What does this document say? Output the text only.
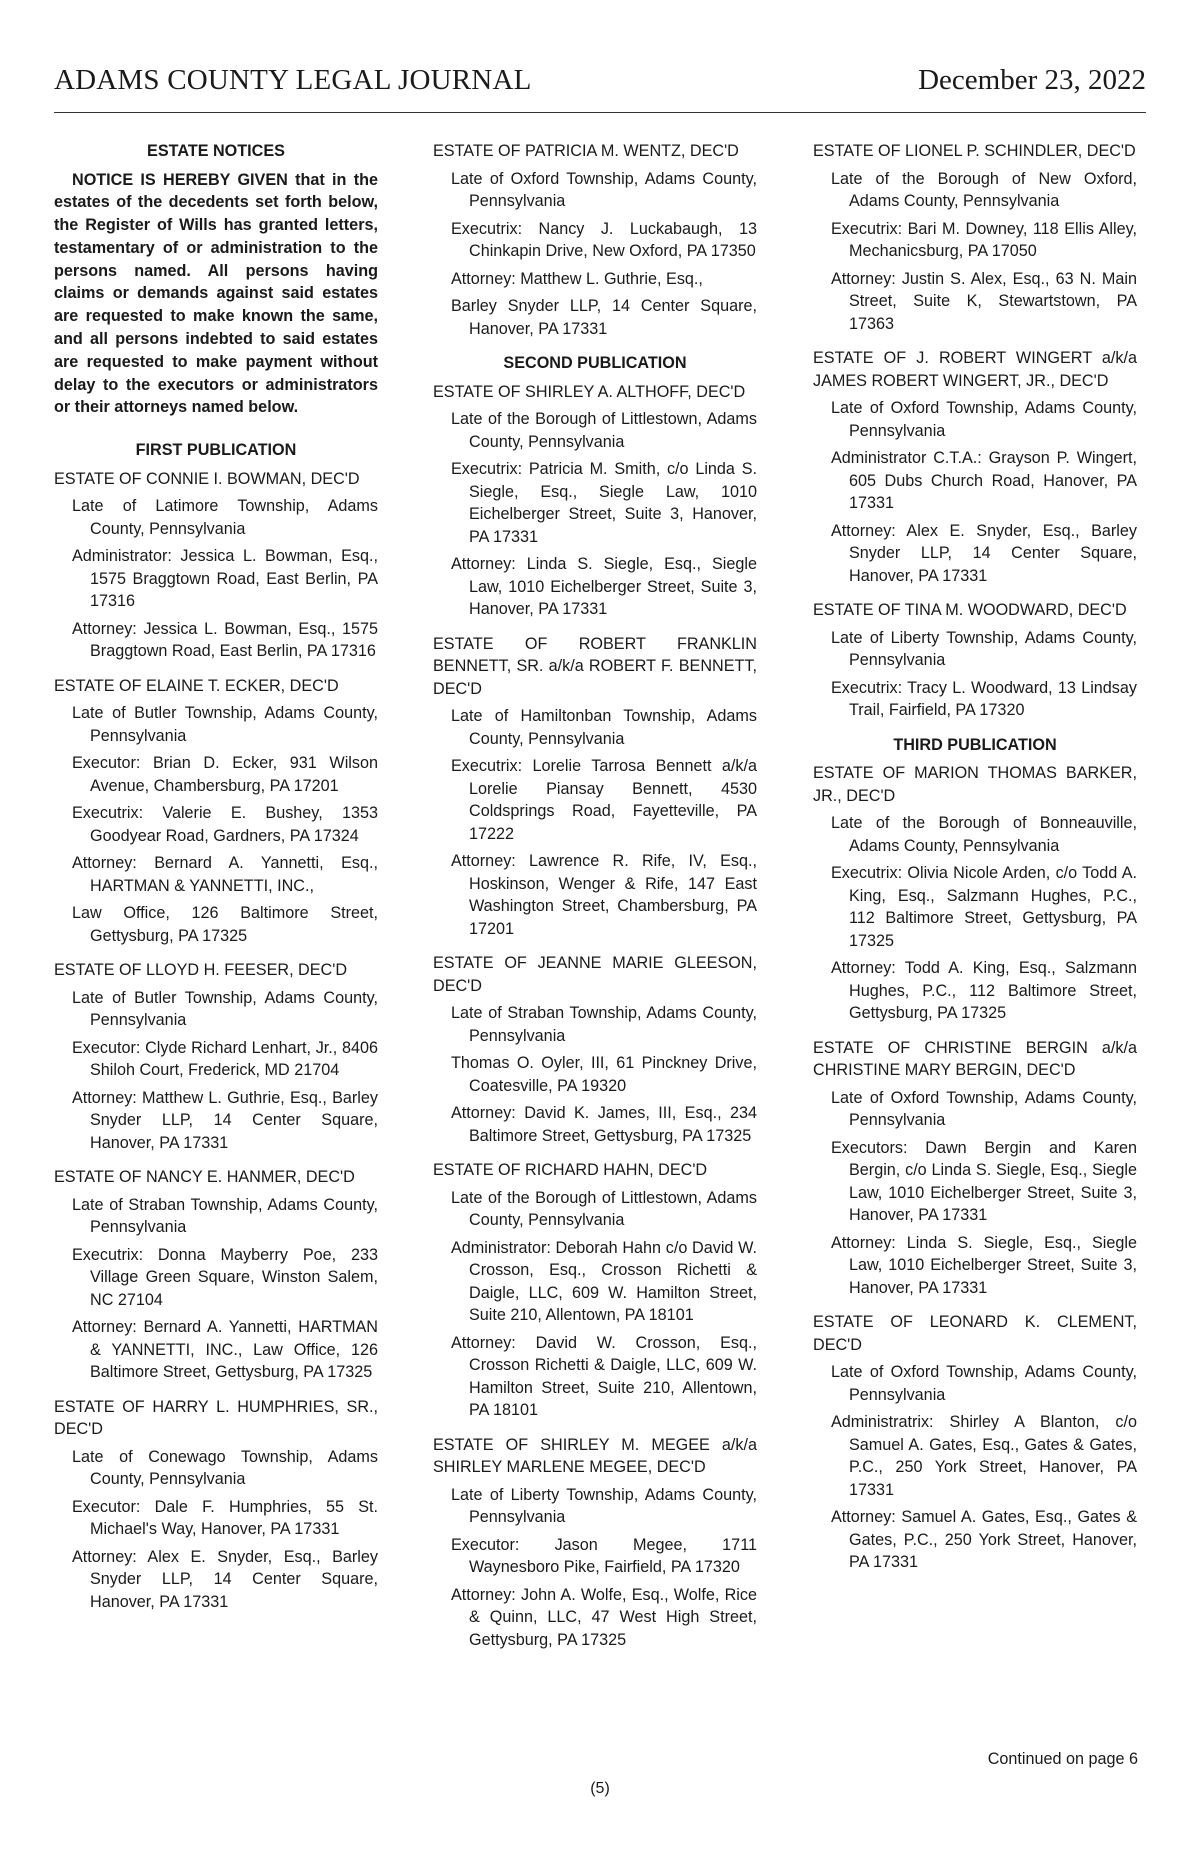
ADAMS COUNTY LEGAL JOURNAL	December 23, 2022
ESTATE NOTICES
NOTICE IS HEREBY GIVEN that in the estates of the decedents set forth below, the Register of Wills has granted letters, testamentary of or administration to the persons named. All persons having claims or demands against said estates are requested to make known the same, and all persons indebted to said estates are requested to make payment without delay to the executors or administrators or their attorneys named below.
FIRST PUBLICATION
ESTATE OF CONNIE I. BOWMAN, DEC'D
Late of Latimore Township, Adams County, Pennsylvania
Administrator: Jessica L. Bowman, Esq., 1575 Braggtown Road, East Berlin, PA 17316
Attorney: Jessica L. Bowman, Esq., 1575 Braggtown Road, East Berlin, PA 17316
ESTATE OF ELAINE T. ECKER, DEC'D
Late of Butler Township, Adams County, Pennsylvania
Executor: Brian D. Ecker, 931 Wilson Avenue, Chambersburg, PA 17201
Executrix: Valerie E. Bushey, 1353 Goodyear Road, Gardners, PA 17324
Attorney: Bernard A. Yannetti, Esq., HARTMAN & YANNETTI, INC.,
Law Office, 126 Baltimore Street, Gettysburg, PA 17325
ESTATE OF LLOYD H. FEESER, DEC'D
Late of Butler Township, Adams County, Pennsylvania
Executor: Clyde Richard Lenhart, Jr., 8406 Shiloh Court, Frederick, MD 21704
Attorney: Matthew L. Guthrie, Esq., Barley Snyder LLP, 14 Center Square, Hanover, PA 17331
ESTATE OF NANCY E. HANMER, DEC'D
Late of Straban Township, Adams County, Pennsylvania
Executrix: Donna Mayberry Poe, 233 Village Green Square, Winston Salem, NC 27104
Attorney: Bernard A. Yannetti, HARTMAN & YANNETTI, INC., Law Office, 126 Baltimore Street, Gettysburg, PA 17325
ESTATE OF HARRY L. HUMPHRIES, SR., DEC'D
Late of Conewago Township, Adams County, Pennsylvania
Executor: Dale F. Humphries, 55 St. Michael's Way, Hanover, PA 17331
Attorney: Alex E. Snyder, Esq., Barley Snyder LLP, 14 Center Square, Hanover, PA 17331
ESTATE OF PATRICIA M. WENTZ, DEC'D
Late of Oxford Township, Adams County, Pennsylvania
Executrix: Nancy J. Luckabaugh, 13 Chinkapin Drive, New Oxford, PA 17350
Attorney: Matthew L. Guthrie, Esq.,
Barley Snyder LLP, 14 Center Square, Hanover, PA 17331
SECOND PUBLICATION
ESTATE OF SHIRLEY A. ALTHOFF, DEC'D
Late of the Borough of Littlestown, Adams County, Pennsylvania
Executrix: Patricia M. Smith, c/o Linda S. Siegle, Esq., Siegle Law, 1010 Eichelberger Street, Suite 3, Hanover, PA 17331
Attorney: Linda S. Siegle, Esq., Siegle Law, 1010 Eichelberger Street, Suite 3, Hanover, PA 17331
ESTATE OF ROBERT FRANKLIN BENNETT, SR. a/k/a ROBERT F. BENNETT, DEC'D
Late of Hamiltonban Township, Adams County, Pennsylvania
Executrix: Lorelie Tarrosa Bennett a/k/a Lorelie Piansay Bennett, 4530 Coldsprings Road, Fayetteville, PA 17222
Attorney: Lawrence R. Rife, IV, Esq., Hoskinson, Wenger & Rife, 147 East Washington Street, Chambersburg, PA 17201
ESTATE OF JEANNE MARIE GLEESON, DEC'D
Late of Straban Township, Adams County, Pennsylvania
Thomas O. Oyler, III, 61 Pinckney Drive, Coatesville, PA 19320
Attorney: David K. James, III, Esq., 234 Baltimore Street, Gettysburg, PA 17325
ESTATE OF RICHARD HAHN, DEC'D
Late of the Borough of Littlestown, Adams County, Pennsylvania
Administrator: Deborah Hahn c/o David W. Crosson, Esq., Crosson Richetti & Daigle, LLC, 609 W. Hamilton Street, Suite 210, Allentown, PA 18101
Attorney: David W. Crosson, Esq., Crosson Richetti & Daigle, LLC, 609 W. Hamilton Street, Suite 210, Allentown, PA 18101
ESTATE OF SHIRLEY M. MEGEE a/k/a SHIRLEY MARLENE MEGEE, DEC'D
Late of Liberty Township, Adams County, Pennsylvania
Executor: Jason Megee, 1711 Waynesboro Pike, Fairfield, PA 17320
Attorney: John A. Wolfe, Esq., Wolfe, Rice & Quinn, LLC, 47 West High Street, Gettysburg, PA 17325
ESTATE OF LIONEL P. SCHINDLER, DEC'D
Late of the Borough of New Oxford, Adams County, Pennsylvania
Executrix: Bari M. Downey, 118 Ellis Alley, Mechanicsburg, PA 17050
Attorney: Justin S. Alex, Esq., 63 N. Main Street, Suite K, Stewartstown, PA 17363
ESTATE OF J. ROBERT WINGERT a/k/a JAMES ROBERT WINGERT, JR., DEC'D
Late of Oxford Township, Adams County, Pennsylvania
Administrator C.T.A.: Grayson P. Wingert, 605 Dubs Church Road, Hanover, PA 17331
Attorney: Alex E. Snyder, Esq., Barley Snyder LLP, 14 Center Square, Hanover, PA 17331
ESTATE OF TINA M. WOODWARD, DEC'D
Late of Liberty Township, Adams County, Pennsylvania
Executrix: Tracy L. Woodward, 13 Lindsay Trail, Fairfield, PA 17320
THIRD PUBLICATION
ESTATE OF MARION THOMAS BARKER, JR., DEC'D
Late of the Borough of Bonneauville, Adams County, Pennsylvania
Executrix: Olivia Nicole Arden, c/o Todd A. King, Esq., Salzmann Hughes, P.C., 112 Baltimore Street, Gettysburg, PA 17325
Attorney: Todd A. King, Esq., Salzmann Hughes, P.C., 112 Baltimore Street, Gettysburg, PA 17325
ESTATE OF CHRISTINE BERGIN a/k/a CHRISTINE MARY BERGIN, DEC'D
Late of Oxford Township, Adams County, Pennsylvania
Executors: Dawn Bergin and Karen Bergin, c/o Linda S. Siegle, Esq., Siegle Law, 1010 Eichelberger Street, Suite 3, Hanover, PA 17331
Attorney: Linda S. Siegle, Esq., Siegle Law, 1010 Eichelberger Street, Suite 3, Hanover, PA 17331
ESTATE OF LEONARD K. CLEMENT, DEC'D
Late of Oxford Township, Adams County, Pennsylvania
Administratrix: Shirley A Blanton, c/o Samuel A. Gates, Esq., Gates & Gates, P.C., 250 York Street, Hanover, PA 17331
Attorney: Samuel A. Gates, Esq., Gates & Gates, P.C., 250 York Street, Hanover, PA 17331
Continued on page 6
(5)
